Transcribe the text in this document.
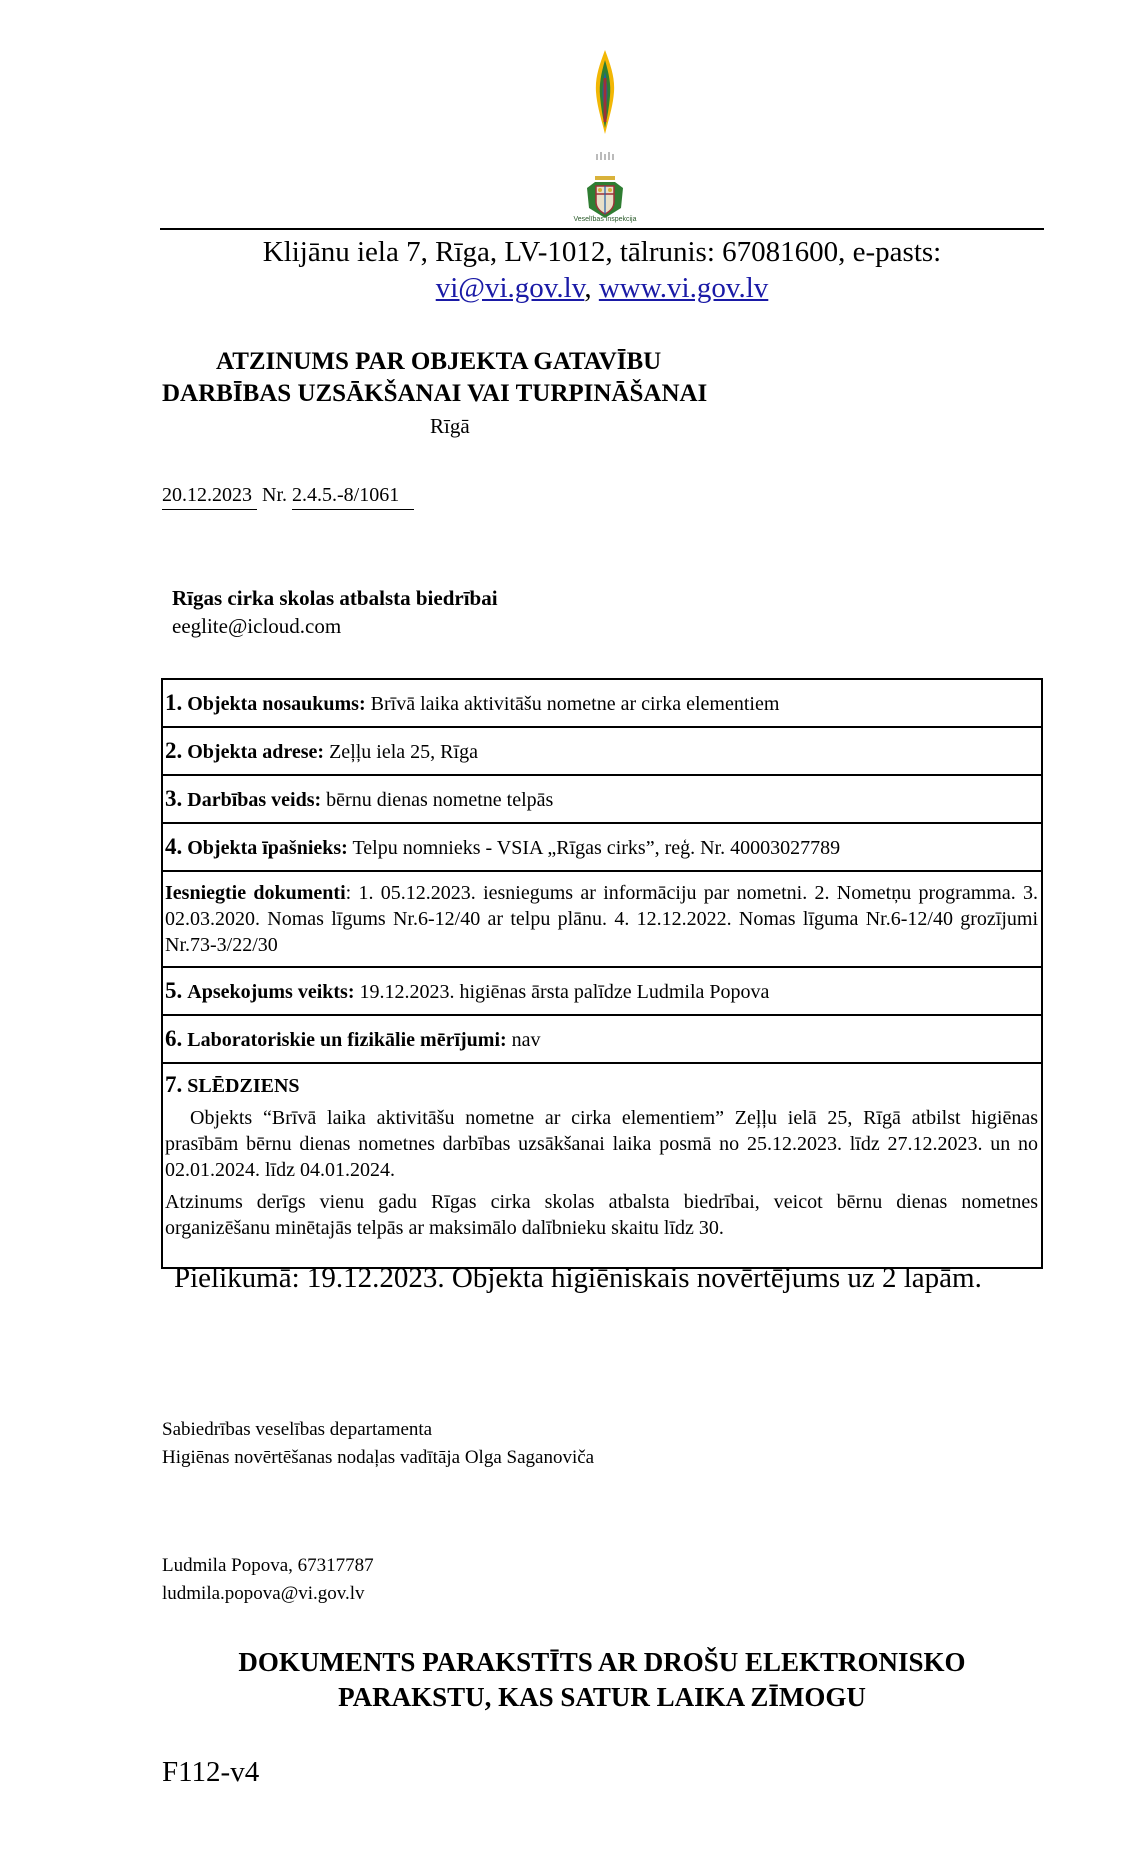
Veselības inspekcija
Klijānu iela 7, Rīga, LV-1012, tālrunis: 67081600, e-pasts:
vi@vi.gov.lv, www.vi.gov.lv
ATZINUMS PAR OBJEKTA GATAVĪBU
DARBĪBAS UZSĀKŠANAI VAI TURPINĀŠANAI
Rīgā
20.12.2023 Nr. 2.4.5.-8/1061
Rīgas cirka skolas atbalsta biedrībai
eeglite@icloud.com
1. Objekta nosaukums: Brīvā laika aktivitāšu nometne ar cirka elementiem
2. Objekta adrese: Zeļļu iela 25, Rīga
3. Darbības veids: bērnu dienas nometne telpās
4. Objekta īpašnieks: Telpu nomnieks - VSIA „Rīgas cirks”, reģ. Nr. 40003027789
Iesniegtie dokumenti: 1. 05.12.2023. iesniegums ar informāciju par nometni. 2. Nometņu programma. 3. 02.03.2020. Nomas līgums Nr.6-12/40 ar telpu plānu. 4. 12.12.2022. Nomas līguma Nr.6-12/40 grozījumi Nr.73-3/22/30
5. Apsekojums veikts: 19.12.2023. higiēnas ārsta palīdze Ludmila Popova
6. Laboratoriskie un fizikālie mērījumi: nav

7. SLĒDZIENS
Objekts “Brīvā laika aktivitāšu nometne ar cirka elementiem” Zeļļu ielā 25, Rīgā atbilst higiēnas prasībām bērnu dienas nometnes darbības uzsākšanai laika posmā no 25.12.2023. līdz 27.12.2023. un no 02.01.2024. līdz 04.01.2024.
Atzinums derīgs vienu gadu Rīgas cirka skolas atbalsta biedrībai, veicot bērnu dienas nometnes organizēšanu minētajās telpās ar maksimālo dalībnieku skaitu līdz 30.
Pielikumā: 19.12.2023. Objekta higiēniskais novērtējums uz 2 lapām.
Sabiedrības veselības departamenta
Higiēnas novērtēšanas nodaļas vadītāja Olga Saganoviča
Ludmila Popova, 67317787
ludmila.popova@vi.gov.lv
DOKUMENTS PARAKSTĪTS AR DROŠU ELEKTRONISKO
PARAKSTU, KAS SATUR LAIKA ZĪMOGU
F112-v4
